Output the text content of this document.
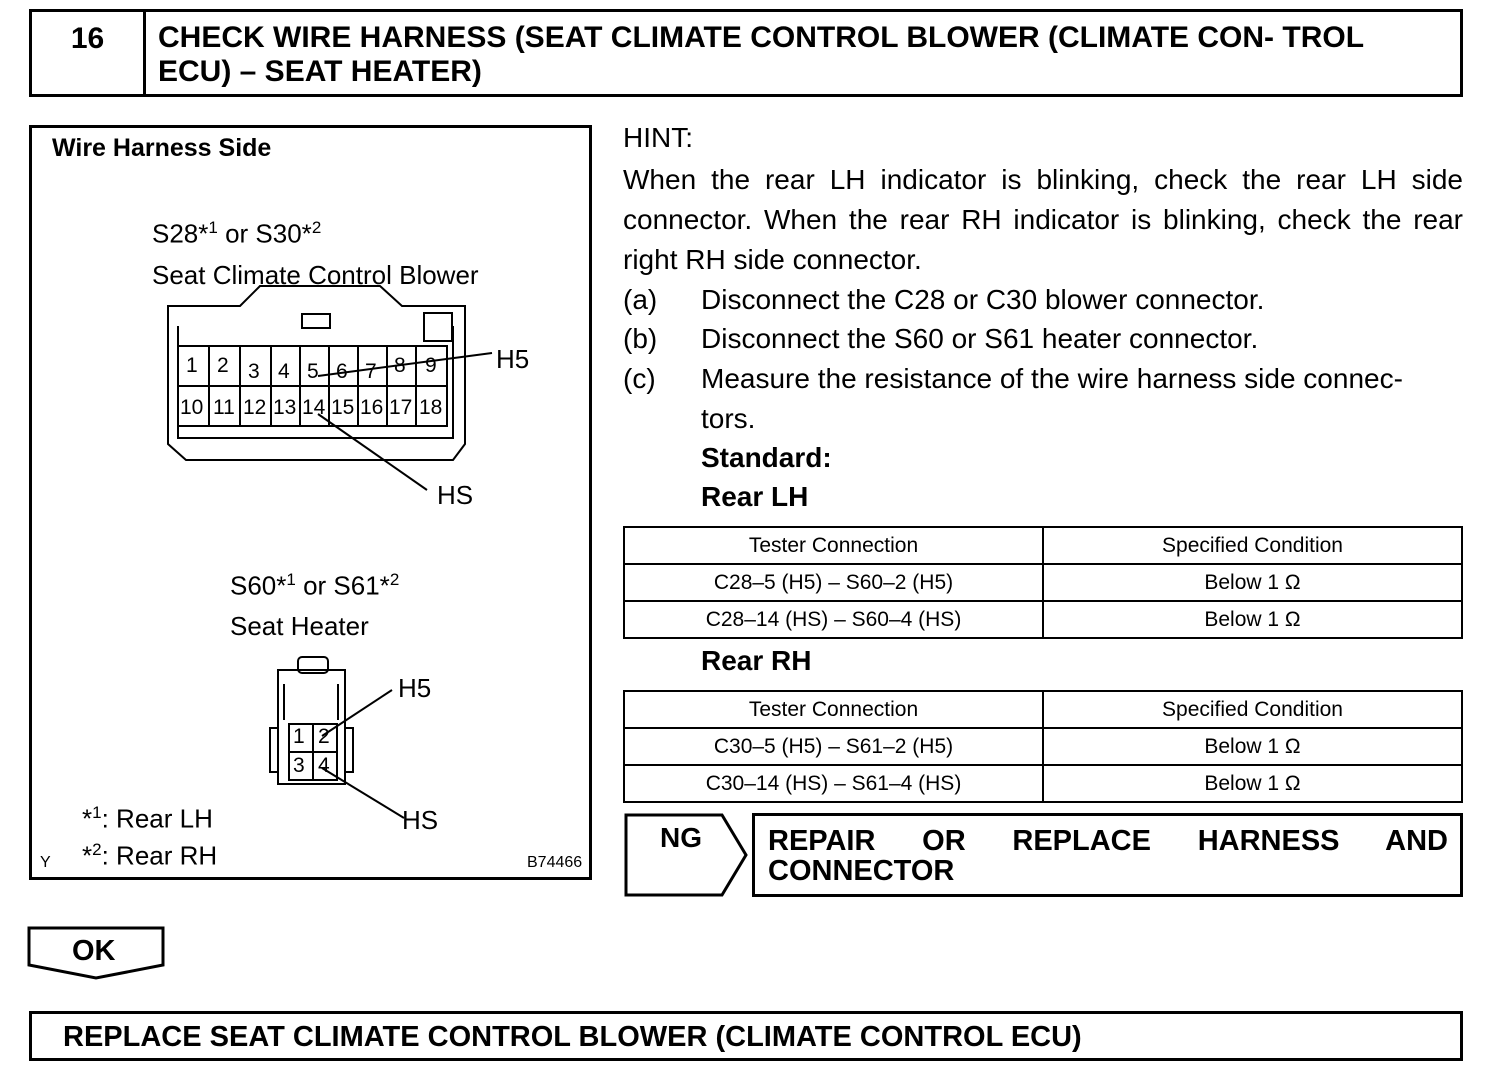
16	CHECK WIRE HARNESS (SEAT CLIMATE CONTROL BLOWER (CLIMATE CON- TROL ECU) – SEAT HEATER)
Wire Harness Side
S28*$^1$ or S30*$^2$
Seat Climate Control Blower
1 2 3 4 5 6 7 8 9
10 11 12 13 14 15 16 17 18
H5
HS
S60*$^1$ or S61*$^2$
Seat Heater
1 2
3 4
H5
HS
*$^1$: Rear LH
*$^2$: Rear RH
Y	B74466
HINT:
When the rear LH indicator is blinking, check the rear LH side connector. When the rear RH indicator is blinking, check the rear right RH side connector.
(a) Disconnect the C28 or C30 blower connector.
(b) Disconnect the S60 or S61 heater connector.
(c) Measure the resistance of the wire harness side connec-
tors.
Standard:
Rear LH
Tester Connection	Specified Condition
C28–5 (H5) – S60–2 (H5)	Below 1 Ω
C28–14 (HS) – S60–4 (HS)	Below 1 Ω
Rear RH
Tester Connection	Specified Condition
C30–5 (H5) – S61–2 (H5)	Below 1 Ω
C30–14 (HS) – S61–4 (HS)	Below 1 Ω
NG REPAIR OR REPLACE HARNESS AND CONNECTOR
OK
REPLACE SEAT CLIMATE CONTROL BLOWER (CLIMATE CONTROL ECU)
